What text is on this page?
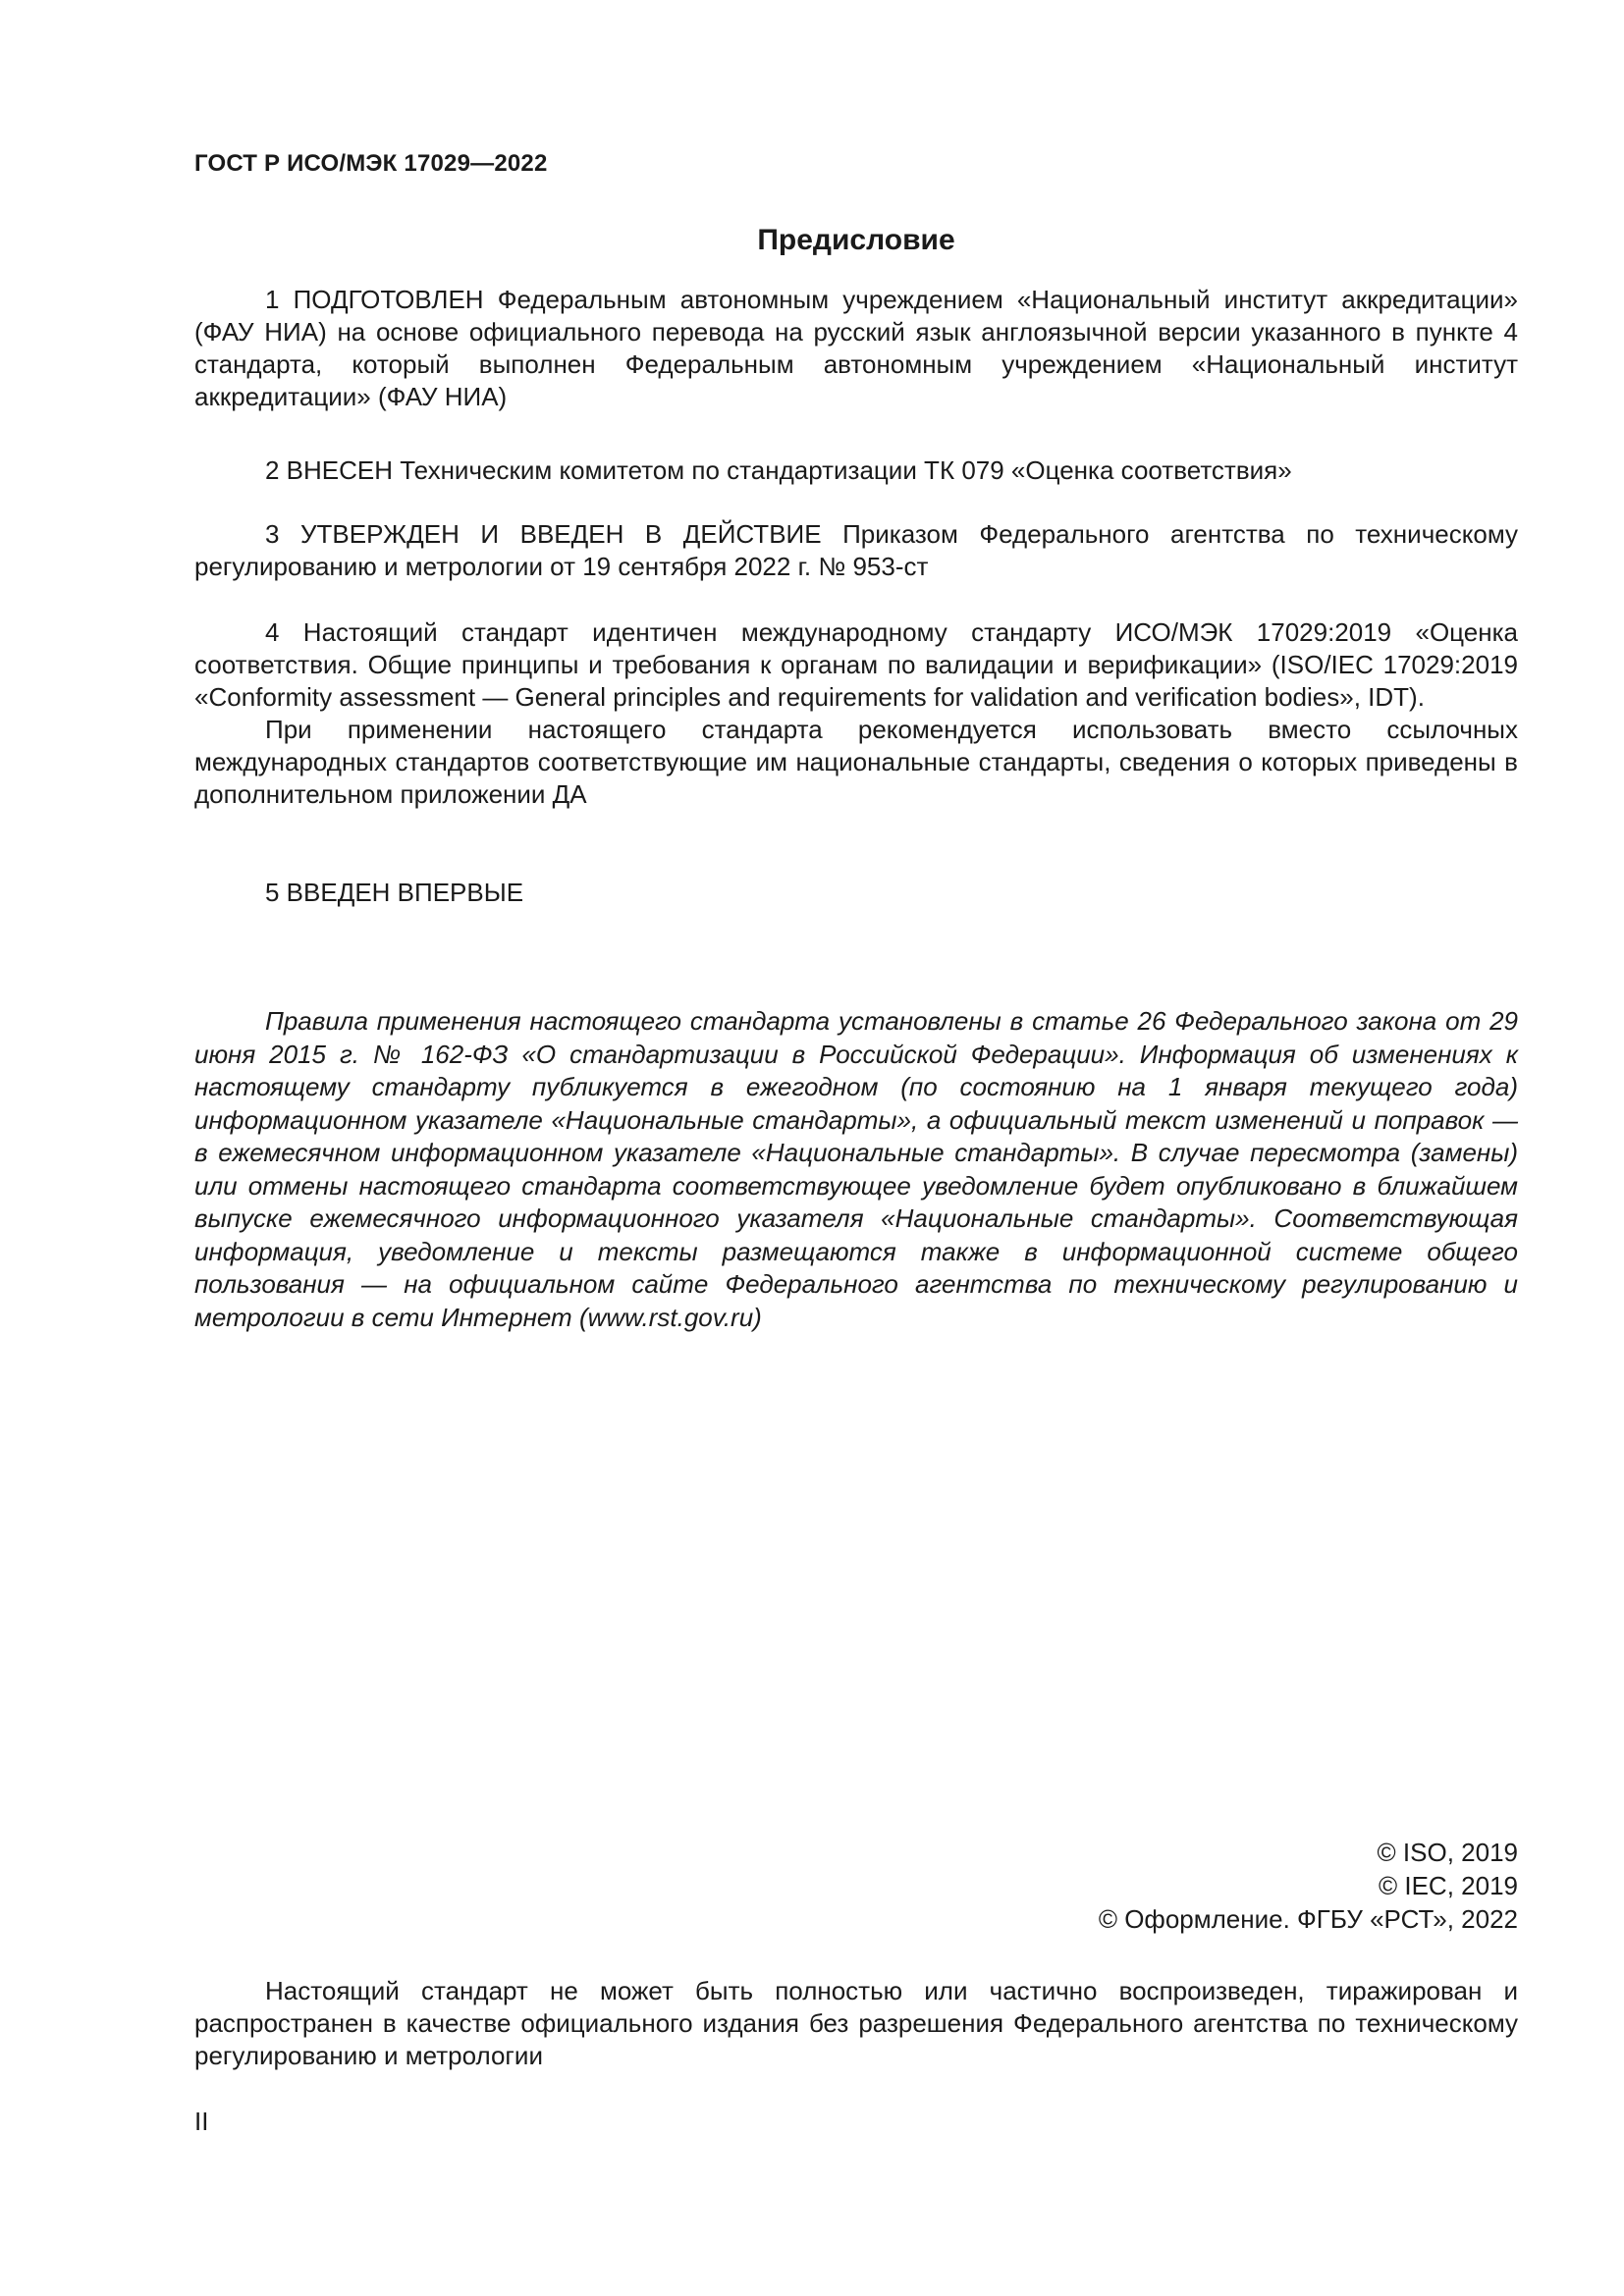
ГОСТ Р ИСО/МЭК 17029—2022
Предисловие

1 ПОДГОТОВЛЕН Федеральным автономным учреждением «Национальный институт аккредитации» (ФАУ НИА) на основе официального перевода на русский язык англоязычной версии указанного в пункте 4 стандарта, который выполнен Федеральным автономным учреждением «Национальный институт аккредитации» (ФАУ НИА)

2 ВНЕСЕН Техническим комитетом по стандартизации ТК 079 «Оценка соответствия»

3 УТВЕРЖДЕН И ВВЕДЕН В ДЕЙСТВИЕ Приказом Федерального агентства по техническому регулированию и метрологии от 19 сентября 2022 г. № 953-ст

4 Настоящий стандарт идентичен международному стандарту ИСО/МЭК 17029:2019 «Оценка соответствия. Общие принципы и требования к органам по валидации и верификации» (ISO/IEC 17029:2019 «Conformity assessment — General principles and requirements for validation and verification bodies», IDT).

При применении настоящего стандарта рекомендуется использовать вместо ссылочных международных стандартов соответствующие им национальные стандарты, сведения о которых приведены в дополнительном приложении ДА

5 ВВЕДЕН ВПЕРВЫЕ

Правила применения настоящего стандарта установлены в статье 26 Федерального закона от 29 июня 2015 г. № 162-ФЗ «О стандартизации в Российской Федерации». Информация об изменениях к настоящему стандарту публикуется в ежегодном (по состоянию на 1 января текущего года) информационном указателе «Национальные стандарты», а официальный текст изменений и поправок — в ежемесячном информационном указателе «Национальные стандарты». В случае пересмотра (замены) или отмены настоящего стандарта соответствующее уведомление будет опубликовано в ближайшем выпуске ежемесячного информационного указателя «Национальные стандарты». Соответствующая информация, уведомление и тексты размещаются также в информационной системе общего пользования — на официальном сайте Федерального агентства по техническому регулированию и метрологии в сети Интернет (www.rst.gov.ru)
© ISO, 2019
© IEC, 2019
© Оформление. ФГБУ «РСТ», 2022
Настоящий стандарт не может быть полностью или частично воспроизведен, тиражирован и распространен в качестве официального издания без разрешения Федерального агентства по техническому регулированию и метрологии
II
